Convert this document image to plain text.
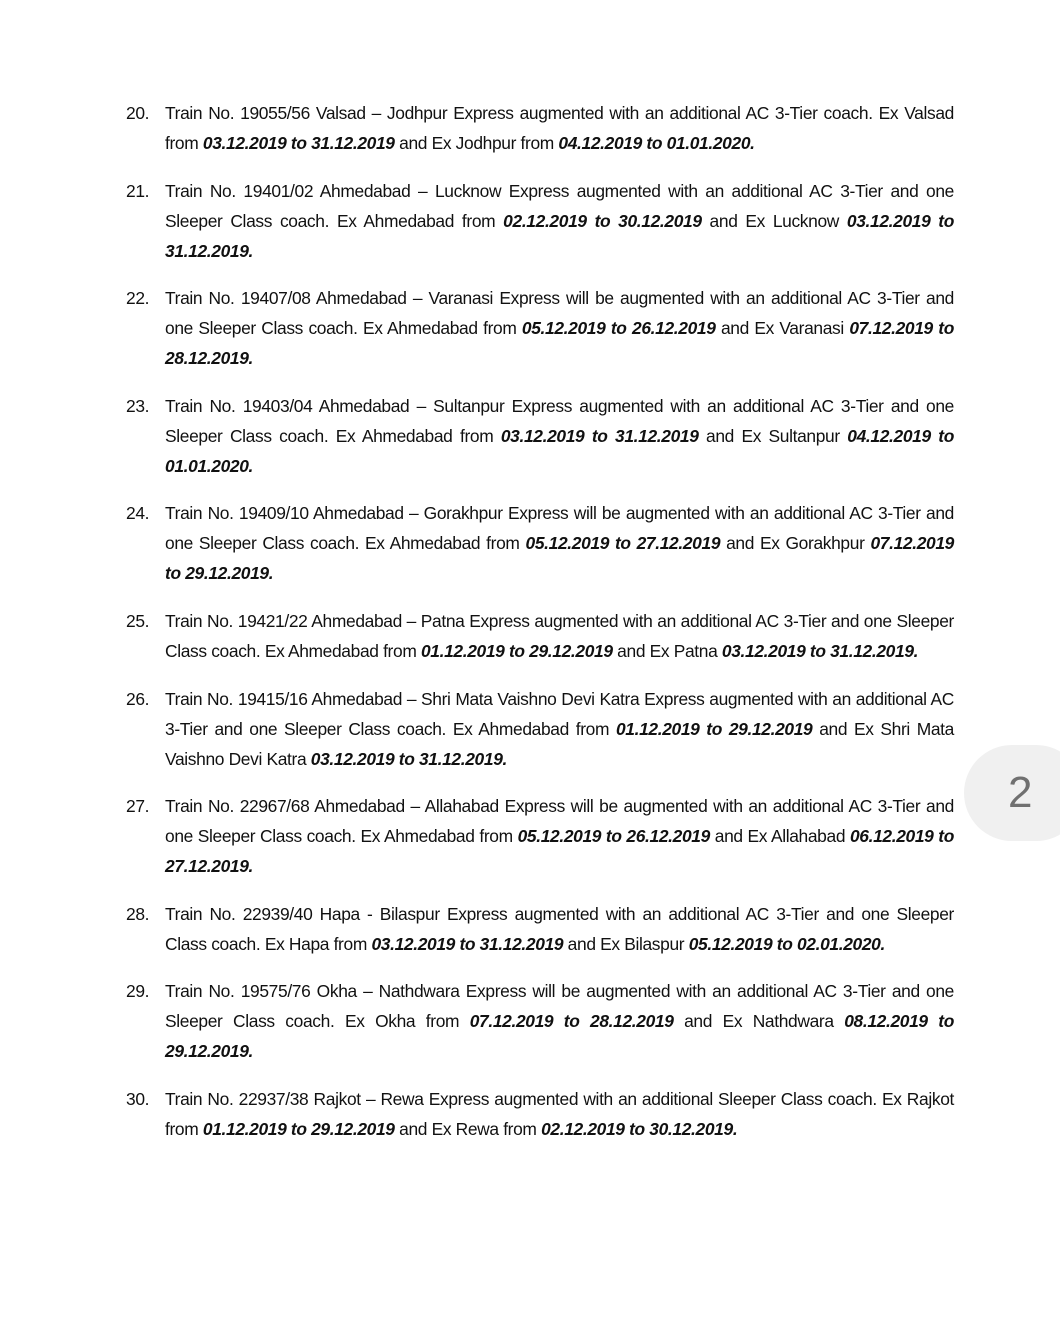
20. Train No. 19055/56 Valsad – Jodhpur Express augmented with an additional AC 3-Tier coach. Ex Valsad from 03.12.2019 to 31.12.2019 and Ex Jodhpur from 04.12.2019 to 01.01.2020.
21. Train No. 19401/02 Ahmedabad – Lucknow Express augmented with an additional AC 3-Tier and one Sleeper Class coach. Ex Ahmedabad from 02.12.2019 to 30.12.2019 and Ex Lucknow 03.12.2019 to 31.12.2019.
22. Train No. 19407/08 Ahmedabad – Varanasi Express will be augmented with an additional AC 3-Tier and one Sleeper Class coach. Ex Ahmedabad from 05.12.2019 to 26.12.2019 and Ex Varanasi 07.12.2019 to 28.12.2019.
23. Train No. 19403/04 Ahmedabad – Sultanpur Express augmented with an additional AC 3-Tier and one Sleeper Class coach. Ex Ahmedabad from 03.12.2019 to 31.12.2019 and Ex Sultanpur 04.12.2019 to 01.01.2020.
24. Train No. 19409/10 Ahmedabad – Gorakhpur Express will be augmented with an additional AC 3-Tier and one Sleeper Class coach. Ex Ahmedabad from 05.12.2019 to 27.12.2019 and Ex Gorakhpur 07.12.2019 to 29.12.2019.
25. Train No. 19421/22 Ahmedabad – Patna Express augmented with an additional AC 3-Tier and one Sleeper Class coach. Ex Ahmedabad from 01.12.2019 to 29.12.2019 and Ex Patna 03.12.2019 to 31.12.2019.
26. Train No. 19415/16 Ahmedabad – Shri Mata Vaishno Devi Katra Express augmented with an additional AC 3-Tier and one Sleeper Class coach. Ex Ahmedabad from 01.12.2019 to 29.12.2019 and Ex Shri Mata Vaishno Devi Katra 03.12.2019 to 31.12.2019.
27. Train No. 22967/68 Ahmedabad – Allahabad Express will be augmented with an additional AC 3-Tier and one Sleeper Class coach. Ex Ahmedabad from 05.12.2019 to 26.12.2019 and Ex Allahabad 06.12.2019 to 27.12.2019.
28. Train No. 22939/40 Hapa - Bilaspur Express augmented with an additional AC 3-Tier and one Sleeper Class coach. Ex Hapa from 03.12.2019 to 31.12.2019 and Ex Bilaspur 05.12.2019 to 02.01.2020.
29. Train No. 19575/76 Okha – Nathdwara Express will be augmented with an additional AC 3-Tier and one Sleeper Class coach. Ex Okha from 07.12.2019 to 28.12.2019 and Ex Nathdwara 08.12.2019 to 29.12.2019.
30. Train No. 22937/38 Rajkot – Rewa Express augmented with an additional Sleeper Class coach. Ex Rajkot from 01.12.2019 to 29.12.2019 and Ex Rewa from 02.12.2019 to 30.12.2019.
2
